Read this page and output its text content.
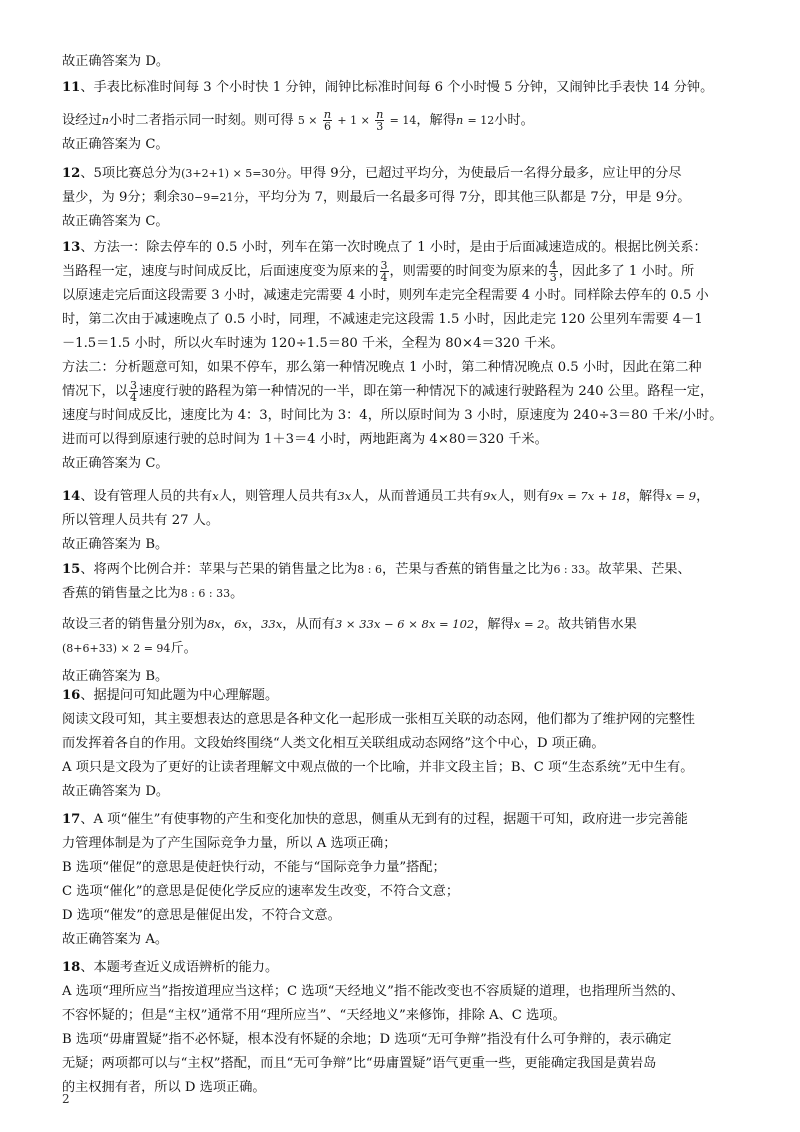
故正确答案为 D。

11、手表比标准时间每 3 个小时快 1 分钟，闹钟比标准时间每 6 个小时慢 5 分钟，又闹钟比手表快 14 分钟。

设经过n小时二者指示同一时刻。则可得 $5 \times \frac{n}{6} + 1 \times \frac{n}{3} = 14$，解得n = 12小时。

故正确答案为 C。

12、5项比赛总分为(3+2+1) × 5=30分。甲得 9分，已超过平均分，为使最后一名得分最多，应让甲的分尽

量少，为 9分；剩余30−9=21分，平均分为 7，则最后一名最多可得 7分，即其他三队都是 7分，甲是 9分。

故正确答案为 C。

13、方法一：除去停车的 0.5 小时，列车在第一次时晚点了 1 小时，是由于后面减速造成的。根据比例关系：

当路程一定，速度与时间成反比，后面速度变为原来的 $\frac{3}{4}$ ，则需要的时间变为原来的 $\frac{4}{3}$ ，因此多了 1 小时。所

以原速走完后面这段需要 3 小时，减速走完需要 4 小时，则列车走完全程需要 4 小时。同样除去停车的 0.5 小

时，第二次由于减速晚点了 0.5 小时，同理，不减速走完这段需 1.5 小时，因此走完 120 公里列车需要 4－1

－1.5＝1.5 小时，所以火车时速为 120÷1.5＝80 千米，全程为 80×4＝320 千米。

方法二：分析题意可知，如果不停车，那么第一种情况晚点 1 小时，第二种情况晚点 0.5 小时，因此在第二种

情况下，以 $\frac{3}{4}$ 速度行驶的路程为第一种情况的一半，即在第一种情况下的减速行驶路程为 240 公里。路程一定，

速度与时间成反比，速度比为 4：3，时间比为 3：4，所以原时间为 3 小时，原速度为 240÷3＝80 千米/小时。

进而可以得到原速行驶的总时间为 1＋3＝4 小时，两地距离为 4×80＝320 千米。

故正确答案为 C。

14、设有管理人员的共有x人，则管理人员共有3x人，从而普通员工共有9x人，则有9x = 7x + 18，解得x = 9，

所以管理人员共有 27 人。

故正确答案为 B。

15、将两个比例合并：苹果与芒果的销售量之比为8 : 6，芒果与香蕉的销售量之比为6 : 33。故苹果、芒果、

香蕉的销售量之比为8 : 6 : 33。

故设三者的销售量分别为8x，6x，33x，从而有3 × 33x − 6 × 8x = 102，解得x = 2。故共销售水果

(8+6+33) × 2 = 94斤。

故正确答案为 B。

16、据提问可知此题为中心理解题。

阅读文段可知，其主要想表达的意思是各种文化一起形成一张相互关联的动态网，他们都为了维护网的完整性

而发挥着各自的作用。文段始终围绕“人类文化相互关联组成动态网络”这个中心，D 项正确。

A 项只是文段为了更好的让读者理解文中观点做的一个比喻，并非文段主旨；B、C 项“生态系统”无中生有。

故正确答案为 D。

17、A 项“催生”有使事物的产生和变化加快的意思，侧重从无到有的过程，据题干可知，政府进一步完善能

力管理体制是为了产生国际竞争力量，所以 A 选项正确；

B 选项“催促”的意思是使赶快行动，不能与“国际竞争力量”搭配；

C 选项“催化”的意思是促使化学反应的速率发生改变，不符合文意；

D 选项“催发”的意思是催促出发，不符合文意。

故正确答案为 A。

18、本题考查近义成语辨析的能力。

A 选项“理所应当”指按道理应当这样；C 选项“天经地义”指不能改变也不容质疑的道理，也指理所当然的、

不容怀疑的；但是“主权”通常不用“理所应当”、“天经地义”来修饰，排除 A、C 选项。

B 选项“毋庸置疑”指不必怀疑，根本没有怀疑的余地；D 选项“无可争辩”指没有什么可争辩的，表示确定

无疑；两项都可以与“主权”搭配，而且“无可争辩”比“毋庸置疑”语气更重一些，更能确定我国是黄岩岛

的主权拥有者，所以 D 选项正确。

2
